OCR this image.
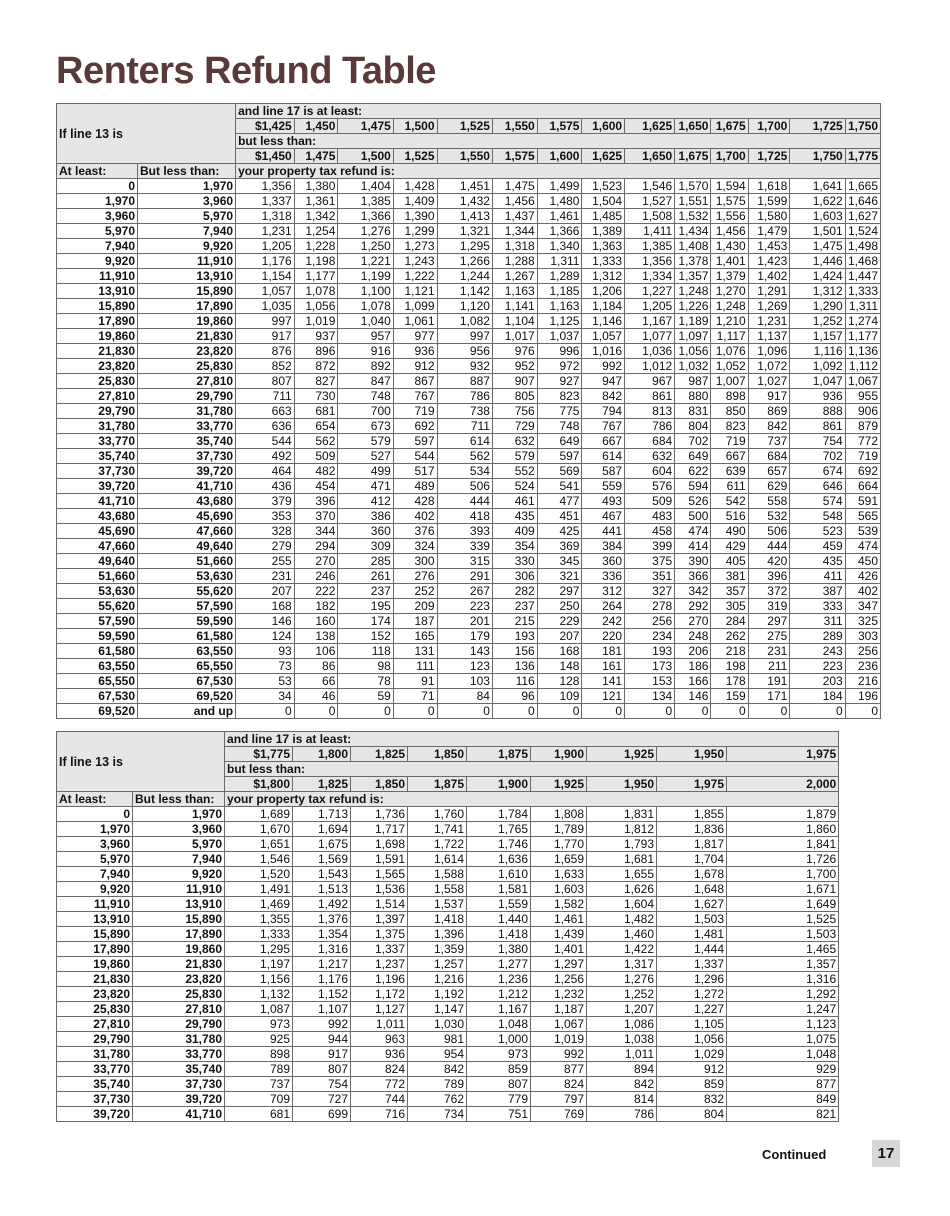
Renters Refund Table
If line 13 is		and line 17 is at least:													
		$1,425	1,450	1,475	1,500	1,525	1,550	1,575	1,600	1,625	1,650	1,675	1,700	1,725	1,750
		but less than:													
		$1,450	1,475	1,500	1,525	1,550	1,575	1,600	1,625	1,650	1,675	1,700	1,725	1,750	1,775
At least:	But less than:	your property tax refund is:													
0	1,970	1,356	1,380	1,404	1,428	1,451	1,475	1,499	1,523	1,546	1,570	1,594	1,618	1,641	1,665
1,970	3,960	1,337	1,361	1,385	1,409	1,432	1,456	1,480	1,504	1,527	1,551	1,575	1,599	1,622	1,646
3,960	5,970	1,318	1,342	1,366	1,390	1,413	1,437	1,461	1,485	1,508	1,532	1,556	1,580	1,603	1,627
5,970	7,940	1,231	1,254	1,276	1,299	1,321	1,344	1,366	1,389	1,411	1,434	1,456	1,479	1,501	1,524
7,940	9,920	1,205	1,228	1,250	1,273	1,295	1,318	1,340	1,363	1,385	1,408	1,430	1,453	1,475	1,498
9,920	11,910	1,176	1,198	1,221	1,243	1,266	1,288	1,311	1,333	1,356	1,378	1,401	1,423	1,446	1,468
11,910	13,910	1,154	1,177	1,199	1,222	1,244	1,267	1,289	1,312	1,334	1,357	1,379	1,402	1,424	1,447
13,910	15,890	1,057	1,078	1,100	1,121	1,142	1,163	1,185	1,206	1,227	1,248	1,270	1,291	1,312	1,333
15,890	17,890	1,035	1,056	1,078	1,099	1,120	1,141	1,163	1,184	1,205	1,226	1,248	1,269	1,290	1,311
17,890	19,860	997	1,019	1,040	1,061	1,082	1,104	1,125	1,146	1,167	1,189	1,210	1,231	1,252	1,274
19,860	21,830	917	937	957	977	997	1,017	1,037	1,057	1,077	1,097	1,117	1,137	1,157	1,177
21,830	23,820	876	896	916	936	956	976	996	1,016	1,036	1,056	1,076	1,096	1,116	1,136
23,820	25,830	852	872	892	912	932	952	972	992	1,012	1,032	1,052	1,072	1,092	1,112
25,830	27,810	807	827	847	867	887	907	927	947	967	987	1,007	1,027	1,047	1,067
27,810	29,790	711	730	748	767	786	805	823	842	861	880	898	917	936	955
29,790	31,780	663	681	700	719	738	756	775	794	813	831	850	869	888	906
31,780	33,770	636	654	673	692	711	729	748	767	786	804	823	842	861	879
33,770	35,740	544	562	579	597	614	632	649	667	684	702	719	737	754	772
35,740	37,730	492	509	527	544	562	579	597	614	632	649	667	684	702	719
37,730	39,720	464	482	499	517	534	552	569	587	604	622	639	657	674	692
39,720	41,710	436	454	471	489	506	524	541	559	576	594	611	629	646	664
41,710	43,680	379	396	412	428	444	461	477	493	509	526	542	558	574	591
43,680	45,690	353	370	386	402	418	435	451	467	483	500	516	532	548	565
45,690	47,660	328	344	360	376	393	409	425	441	458	474	490	506	523	539
47,660	49,640	279	294	309	324	339	354	369	384	399	414	429	444	459	474
49,640	51,660	255	270	285	300	315	330	345	360	375	390	405	420	435	450
51,660	53,630	231	246	261	276	291	306	321	336	351	366	381	396	411	426
53,630	55,620	207	222	237	252	267	282	297	312	327	342	357	372	387	402
55,620	57,590	168	182	195	209	223	237	250	264	278	292	305	319	333	347
57,590	59,590	146	160	174	187	201	215	229	242	256	270	284	297	311	325
59,590	61,580	124	138	152	165	179	193	207	220	234	248	262	275	289	303
61,580	63,550	93	106	118	131	143	156	168	181	193	206	218	231	243	256
63,550	65,550	73	86	98	111	123	136	148	161	173	186	198	211	223	236
65,550	67,530	53	66	78	91	103	116	128	141	153	166	178	191	203	216
67,530	69,520	34	46	59	71	84	96	109	121	134	146	159	171	184	196
69,520	and up	0	0	0	0	0	0	0	0	0	0	0	0	0	0
If line 13 is		and line 17 is at least:								
		$1,775	1,800	1,825	1,850	1,875	1,900	1,925	1,950	1,975
		but less than:								
		$1,800	1,825	1,850	1,875	1,900	1,925	1,950	1,975	2,000
At least:	But less than:	your property tax refund is:								
0	1,970	1,689	1,713	1,736	1,760	1,784	1,808	1,831	1,855	1,879
1,970	3,960	1,670	1,694	1,717	1,741	1,765	1,789	1,812	1,836	1,860
3,960	5,970	1,651	1,675	1,698	1,722	1,746	1,770	1,793	1,817	1,841
5,970	7,940	1,546	1,569	1,591	1,614	1,636	1,659	1,681	1,704	1,726
7,940	9,920	1,520	1,543	1,565	1,588	1,610	1,633	1,655	1,678	1,700
9,920	11,910	1,491	1,513	1,536	1,558	1,581	1,603	1,626	1,648	1,671
11,910	13,910	1,469	1,492	1,514	1,537	1,559	1,582	1,604	1,627	1,649
13,910	15,890	1,355	1,376	1,397	1,418	1,440	1,461	1,482	1,503	1,525
15,890	17,890	1,333	1,354	1,375	1,396	1,418	1,439	1,460	1,481	1,503
17,890	19,860	1,295	1,316	1,337	1,359	1,380	1,401	1,422	1,444	1,465
19,860	21,830	1,197	1,217	1,237	1,257	1,277	1,297	1,317	1,337	1,357
21,830	23,820	1,156	1,176	1,196	1,216	1,236	1,256	1,276	1,296	1,316
23,820	25,830	1,132	1,152	1,172	1,192	1,212	1,232	1,252	1,272	1,292
25,830	27,810	1,087	1,107	1,127	1,147	1,167	1,187	1,207	1,227	1,247
27,810	29,790	973	992	1,011	1,030	1,048	1,067	1,086	1,105	1,123
29,790	31,780	925	944	963	981	1,000	1,019	1,038	1,056	1,075
31,780	33,770	898	917	936	954	973	992	1,011	1,029	1,048
33,770	35,740	789	807	824	842	859	877	894	912	929
35,740	37,730	737	754	772	789	807	824	842	859	877
37,730	39,720	709	727	744	762	779	797	814	832	849
39,720	41,710	681	699	716	734	751	769	786	804	821
Continued	17
